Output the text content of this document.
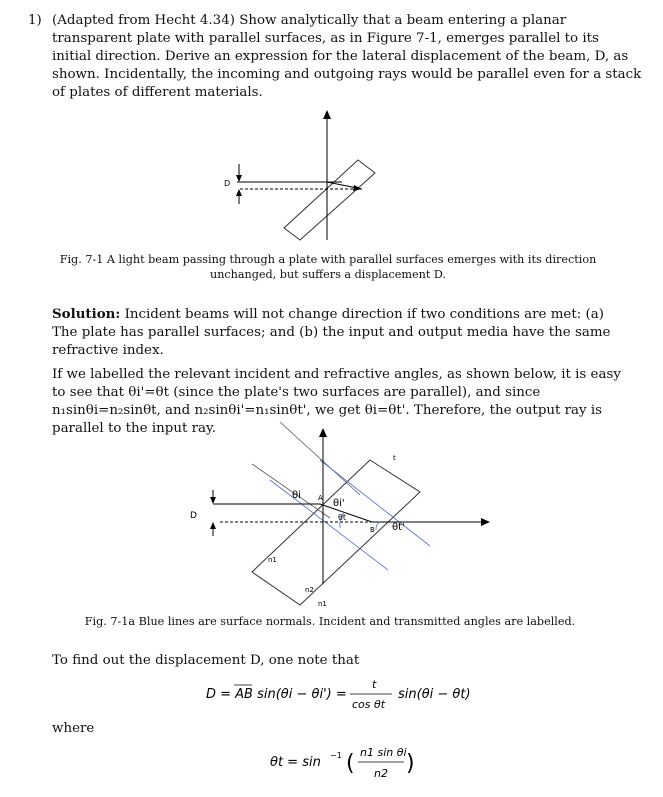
1) (Adapted from Hecht 4.34) Show analytically that a beam entering a planar transparent plate with parallel surfaces, as in Figure 7-1, emerges parallel to its initial direction. Derive an expression for the lateral displacement of the beam, D, as shown. Incidentally, the incoming and outgoing rays would be parallel even for a stack of plates of different materials.
D
Fig. 7-1 A light beam passing through a plate with parallel surfaces emerges with its direction unchanged, but suffers a displacement D.
Solution: Incident beams will not change direction if two conditions are met: (a) The plate has parallel surfaces; and (b) the input and output media have the same refractive index.
If we labelled the relevant incident and refractive angles, as shown below, it is easy to see that θi'=θt (since the plate's two surfaces are parallel), and since n₁sinθi=n₂sinθt, and n₂sinθi'=n₁sinθt', we get θi=θt'. Therefore, the output ray is parallel to the input ray.
D
t
A
B
θi
θi'
θt
θt'
n1
n2
n1
Fig. 7-1a Blue lines are surface normals. Incident and transmitted angles are labelled.
To find out the displacement D, one note that
D = AB sin(θi − θi') =
t
cos θt
sin(θi − θt)
where
θt = sin −1 ( n1 sin θi
n2 )
